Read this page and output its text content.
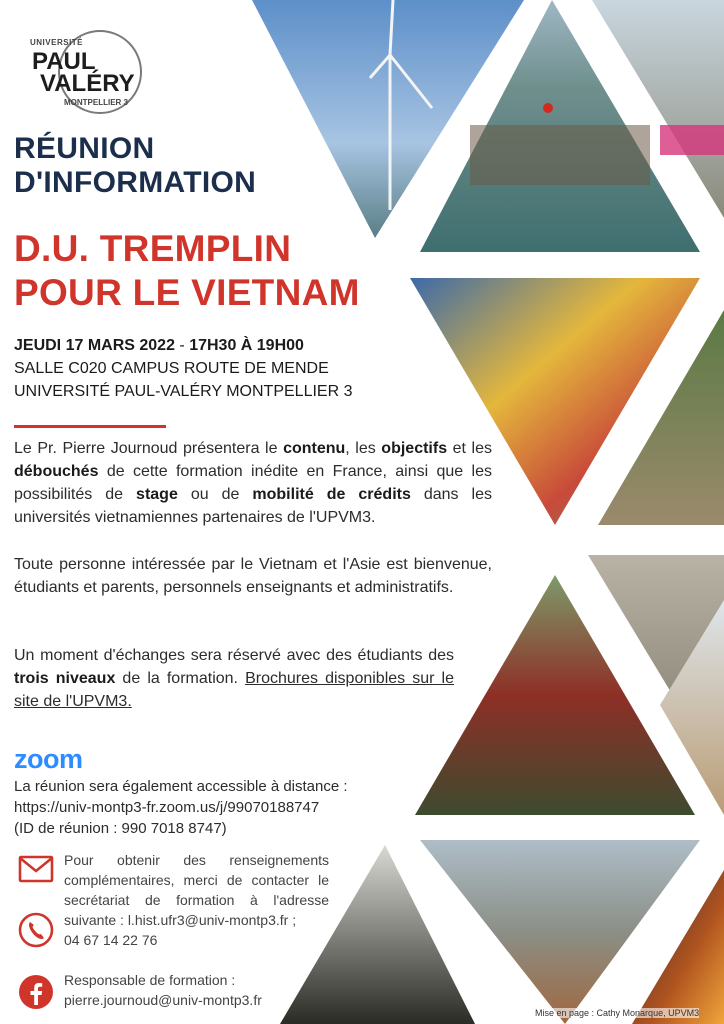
UNIVERSITÉ
PAUL
VALÉRY
MONTPELLIER 3
RÉUNION
D'INFORMATION
D.U. TREMPLIN
POUR LE VIETNAM
JEUDI 17 MARS 2022 - 17H30 À 19H00
SALLE C020 CAMPUS ROUTE DE MENDE
UNIVERSITÉ PAUL-VALÉRY MONTPELLIER 3
Le Pr. Pierre Journoud présentera le contenu, les objectifs et les débouchés de cette formation inédite en France, ainsi que les possibilités de stage ou de mobilité de crédits dans les universités vietnamiennes partenaires de l'UPVM3.
Toute personne intéressée par le Vietnam et l'Asie est bienvenue, étudiants et parents, personnels enseignants et administratifs.
Un moment d'échanges sera réservé avec des étudiants des trois niveaux de la formation. Brochures disponibles sur le site de l'UPVM3.
zoom
La réunion sera également accessible à distance :
https://univ-montp3-fr.zoom.us/j/99070188747
(ID de réunion : 990 7018 8747)
Pour obtenir des renseignements complémentaires, merci de contacter le secrétariat de formation à l'adresse suivante : l.hist.ufr3@univ-montp3.fr ;
04 67 14 22 76
Responsable de formation :
pierre.journoud@univ-montp3.fr
Mise en page : Cathy Monarque, UPVM3
